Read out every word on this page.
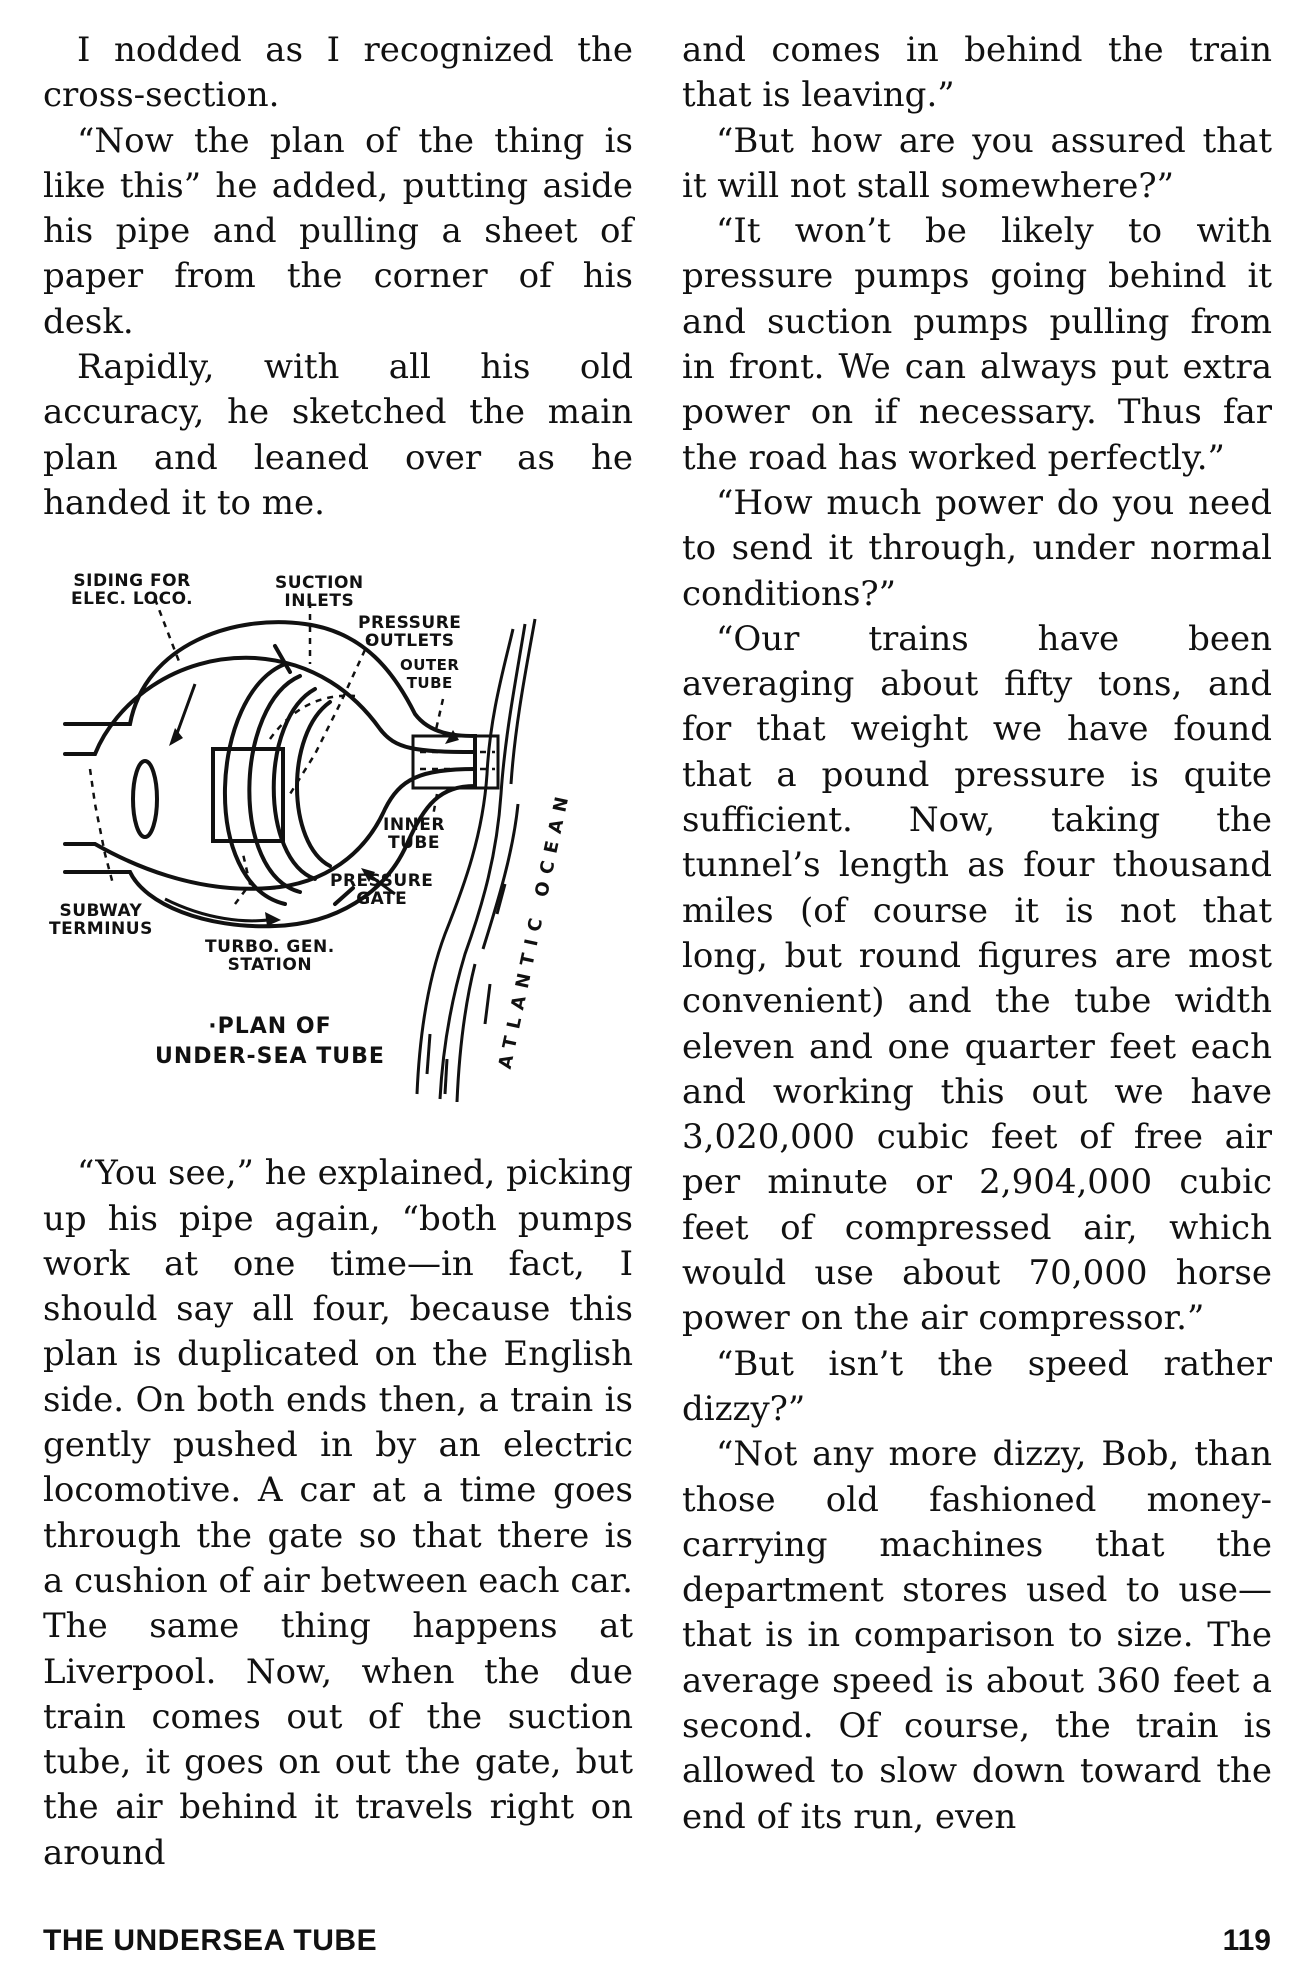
I nodded as I recognized the cross-section.

“Now the plan of the thing is like this” he added, putting aside his pipe and pulling a sheet of paper from the corner of his desk.

Rapidly, with all his old accuracy, he sketched the main plan and leaned over as he handed it to me.

SIDING FOR
ELEC. LOCO.
SUCTION
INLETS
PRESSURE
OUTLETS
OUTER
TUBE
INNER
TUBE
PRESSURE
GATE
SUBWAY
TERMINUS
TURBO. GEN.
STATION	ATLANTIC OCEAN
·PLAN OF
UNDER-SEA TUBE

“You see,” he explained, picking up his pipe again, “both pumps work at one time—in fact, I should say all four, because this plan is duplicated on the English side. On both ends then, a train is gently pushed in by an electric locomotive. A car at a time goes through the gate so that there is a cushion of air between each car. The same thing happens at Liverpool. Now, when the due train comes out of the suction tube, it goes on out the gate, but the air behind it travels right on around

and comes in behind the train that is leaving.”

“But how are you assured that it will not stall somewhere?”

“It won’t be likely to with pressure pumps going behind it and suction pumps pulling from in front. We can always put extra power on if necessary. Thus far the road has worked perfectly.”

“How much power do you need to send it through, under normal conditions?”

“Our trains have been averaging about fifty tons, and for that weight we have found that a pound pressure is quite sufficient. Now, taking the tunnel’s length as four thousand miles (of course it is not that long, but round figures are most convenient) and the tube width eleven and one quarter feet each and working this out we have 3,020,000 cubic feet of free air per minute or 2,904,000 cubic feet of compressed air, which would use about 70,000 horse power on the air compressor.”

“But isn’t the speed rather dizzy?”

“Not any more dizzy, Bob, than those old fashioned money-carrying machines that the department stores used to use—that is in comparison to size. The average speed is about 360 feet a second. Of course, the train is allowed to slow down toward the end of its run, even

THE UNDERSEA TUBE	119
